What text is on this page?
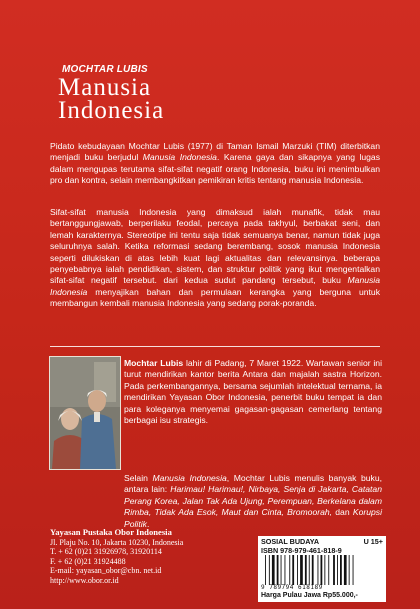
MOCHTAR LUBIS
Manusia
Indonesia
Pidato kebudayaan Mochtar Lubis (1977) di Taman Ismail Marzuki (TIM) diterbitkan menjadi buku berjudul Manusia Indonesia. Karena gaya dan sikapnya yang lugas dalam mengupas terutama sifat-sifat negatif orang Indonesia, buku ini menimbulkan pro dan kontra, selain membangkitkan pemikiran kritis tentang manusia Indonesia.
Sifat-sifat manusia Indonesia yang dimaksud ialah munafik, tidak mau bertanggungjawab, berperilaku feodal, percaya pada takhyul, berbakat seni, dan lemah karakternya. Stereotipe ini tentu saja tidak semuanya benar, namun tidak juga seluruhnya salah. Ketika reformasi sedang berembang, sosok manusia Indonesia seperti dilukiskan di atas lebih kuat lagi aktualitas dan relevansinya. beberapa penyebabnya ialah pendidikan, sistem, dan struktur politik yang ikut mengentalkan sifat-sifat negatif tersebut. dari kedua sudut pandang tersebut, buku Manusia Indonesia menyajikan bahan dan permulaan kerangka yang berguna untuk membangun kembali manusia Indonesia yang sedang porak-poranda.
Mochtar Lubis lahir di Padang, 7 Maret 1922. Wartawan senior ini turut mendirikan kantor berita Antara dan majalah sastra Horizon. Pada perkembangannya, bersama sejumlah intelektual ternama, ia mendirikan Yayasan Obor Indonesia, penerbit buku tempat ia dan para koleganya menyemai gagasan-gagasan cemerlang tentang berbagai isu strategis.
Selain Manusia Indonesia, Mochtar Lubis menulis banyak buku, antara lain: Harimau! Harimau!, Nirbaya, Senja di Jakarta, Catatan Perang Korea, Jalan Tak Ada Ujung, Perempuan, Berkelana dalam Rimba, Tidak Ada Esok, Maut dan Cinta, Bromoorah, dan Korupsi Politik.
Yayasan Pustaka Obor Indonesia
Jl. Plaju No. 10, Jakarta 10230, Indonesia
T. + 62 (0)21 31926978, 31920114
F. + 62 (0)21 31924488
E-mail: yayasan_obor@cbn. net.id
http://www.obor.or.id
SOSIAL BUDAYA	U 15+
ISBN 978-979-461-818-9
9 789794 618189
Harga Pulau Jawa Rp55.000,-
